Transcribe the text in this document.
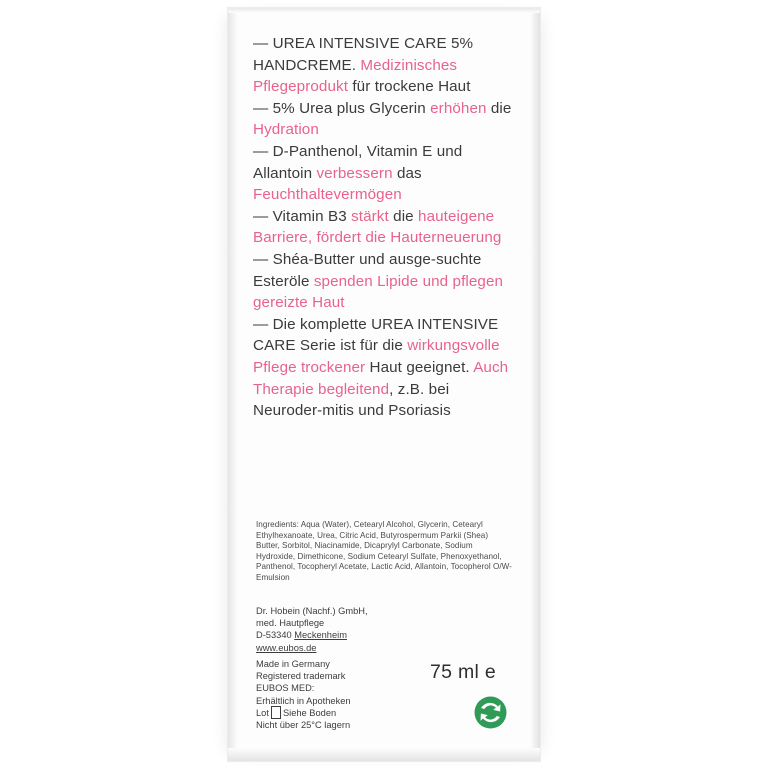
— UREA INTENSIVE CARE 5% HANDCREME. Medizinisches Pflegeprodukt für trockene Haut

— 5% Urea plus Glycerin erhöhen die Hydration

— D-Panthenol, Vitamin E und Allantoin verbessern das Feuchthaltevermögen

— Vitamin B3 stärkt die hauteigene Barriere, fördert die Hauterneuerung

— Shéa-Butter und ausge-suchte Esteröle spenden Lipide und pflegen gereizte Haut

— Die komplette UREA INTENSIVE CARE Serie ist für die wirkungsvolle Pflege trockener Haut geeignet. Auch Therapie begleitend, z.B. bei Neuroder-mitis und Psoriasis

Ingredients: Aqua (Water), Cetearyl Alcohol, Glycerin, Cetearyl Ethylhexanoate, Urea, Citric Acid, Butyrospermum Parkii (Shea) Butter, Sorbitol, Niacinamide, Dicaprylyl Carbonate, Sodium Hydroxide, Dimethicone, Sodium Cetearyl Sulfate, Phenoxyethanol, Panthenol, Tocopheryl Acetate, Lactic Acid, Allantoin, Tocopherol O/W-Emulsion
Dr. Hobein (Nachf.) GmbH,
med. Hautpflege
D-53340 Meckenheim
www.eubos.de
Made in Germany
Registered trademark
EUBOS MED:
Erhältlich in Apotheken
Lot Siehe Boden
Nicht über 25°C lagern
75 ml e
